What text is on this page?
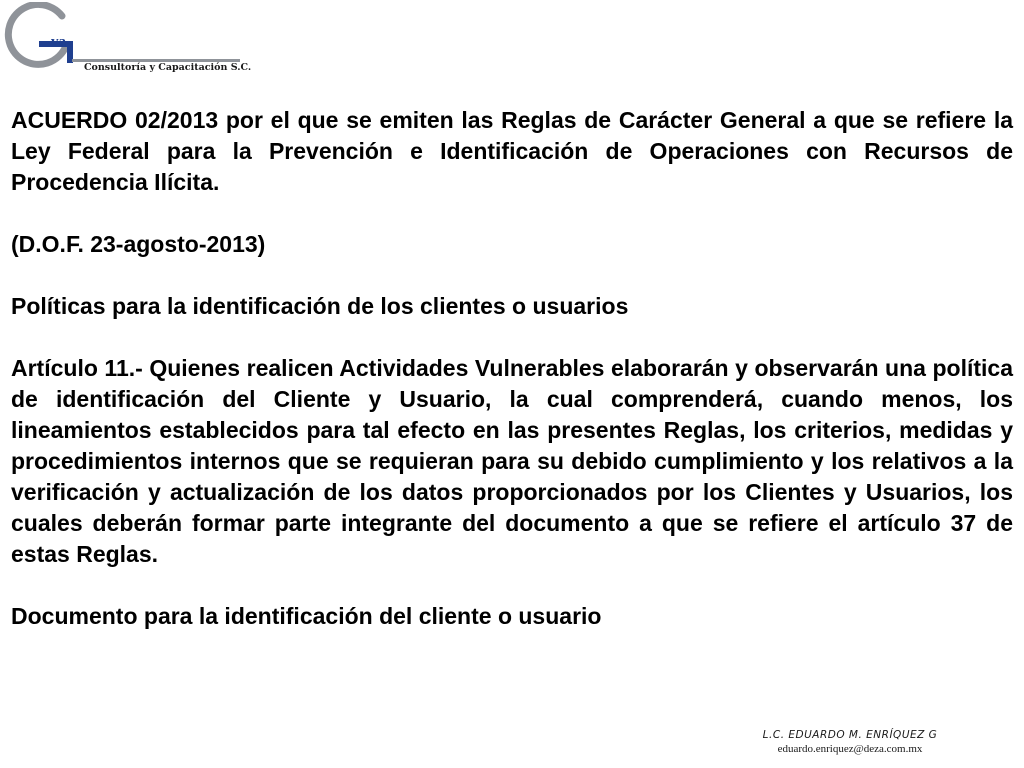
va
Consultoría y Capacitación S.C.

ACUERDO 02/2013 por el que se emiten las Reglas de Carácter General a que se refiere la Ley Federal para la Prevención e Identificación de Operaciones con Recursos de Procedencia Ilícita.

(D.O.F. 23-agosto-2013)

Políticas para la identificación de los clientes o usuarios

Artículo 11.- Quienes realicen Actividades Vulnerables elaborarán y observarán una política de identificación del Cliente y Usuario, la cual comprenderá, cuando menos, los lineamientos establecidos para tal efecto en las presentes Reglas, los criterios, medidas y procedimientos internos que se requieran para su debido cumplimiento y los relativos a la verificación y actualización de los datos proporcionados por los Clientes y Usuarios, los cuales deberán formar parte integrante del documento a que se refiere el artículo 37 de estas Reglas.

Documento para la identificación del cliente o usuario

L.C. EDUARDO M. ENRÍQUEZ G
eduardo.enriquez@deza.com.mx
